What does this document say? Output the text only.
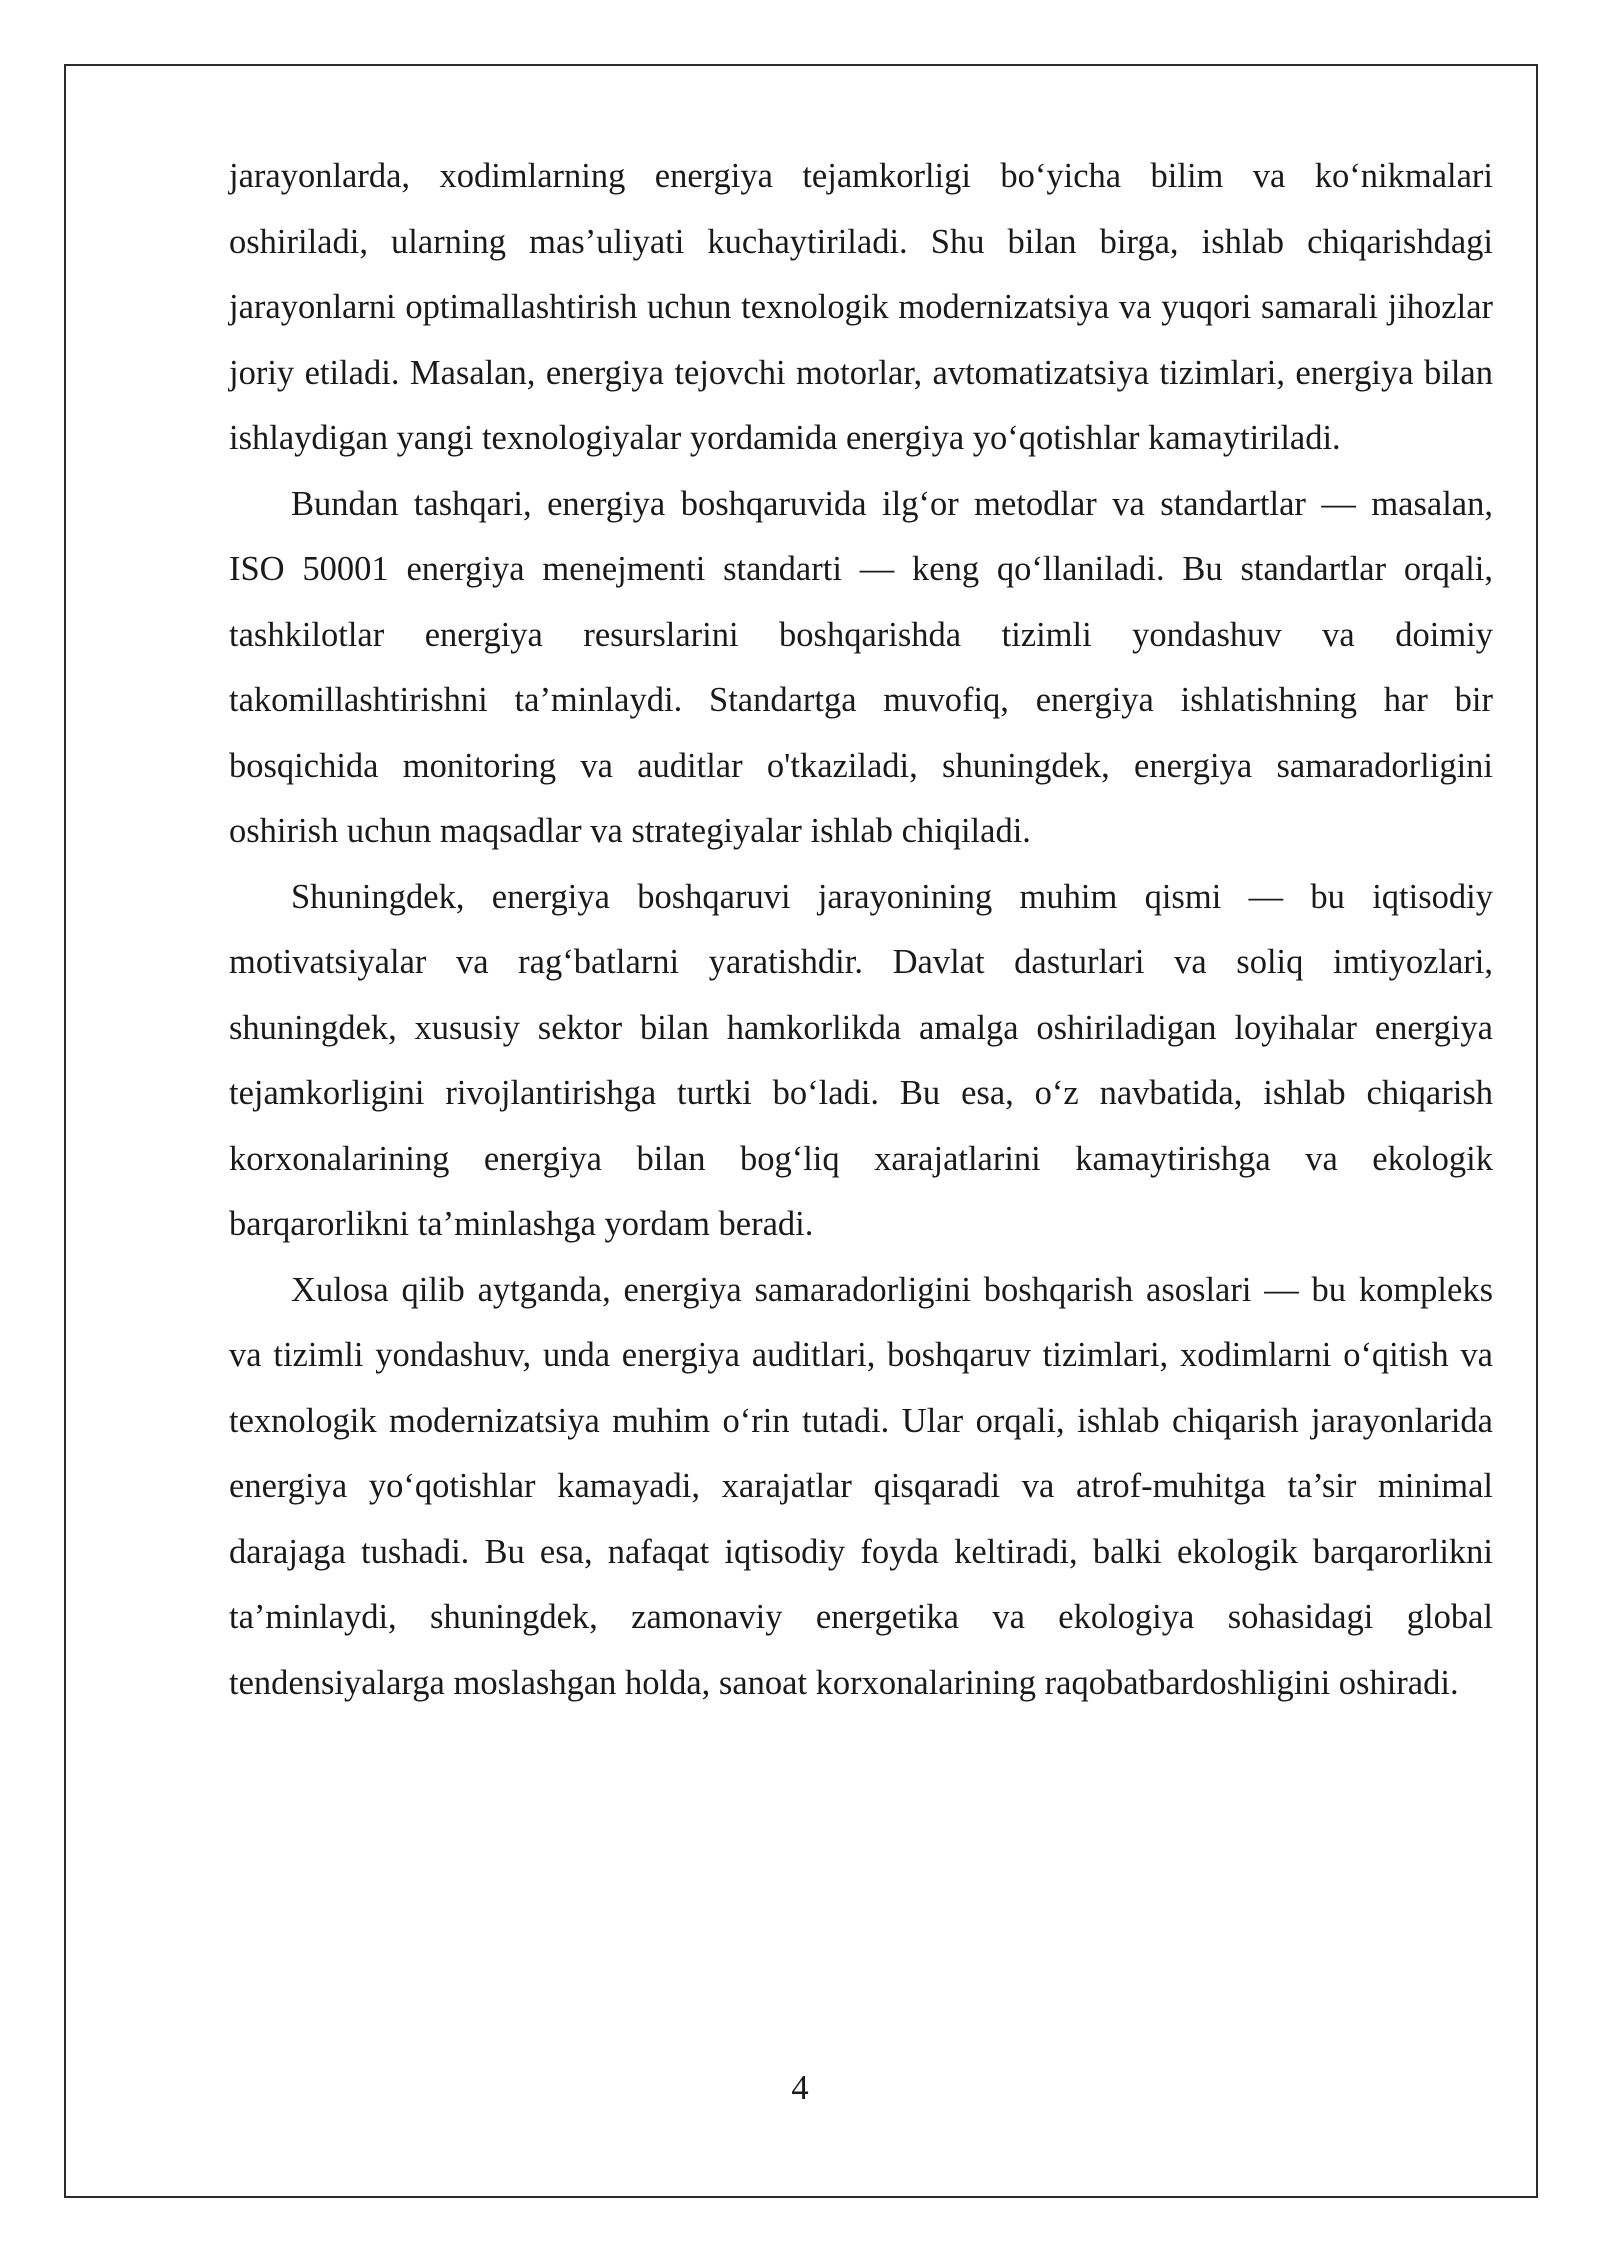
jarayonlarda, xodimlarning energiya tejamkorligi bo‘yicha bilim va ko‘nikmalari oshiriladi, ularning mas’uliyati kuchaytiriladi. Shu bilan birga, ishlab chiqarishdagi jarayonlarni optimallashtirish uchun texnologik modernizatsiya va yuqori samarali jihozlar joriy etiladi. Masalan, energiya tejovchi motorlar, avtomatizatsiya tizimlari, energiya bilan ishlaydigan yangi texnologiyalar yordamida energiya yo‘qotishlar kamaytiriladi.

Bundan tashqari, energiya boshqaruvida ilg‘or metodlar va standartlar — masalan, ISO 50001 energiya menejmenti standarti — keng qo‘llaniladi. Bu standartlar orqali, tashkilotlar energiya resurslarini boshqarishda tizimli yondashuv va doimiy takomillashtirishni ta’minlaydi. Standartga muvofiq, energiya ishlatishning har bir bosqichida monitoring va auditlar o'tkaziladi, shuningdek, energiya samaradorligini oshirish uchun maqsadlar va strategiyalar ishlab chiqiladi.

Shuningdek, energiya boshqaruvi jarayonining muhim qismi — bu iqtisodiy motivatsiyalar va rag‘batlarni yaratishdir. Davlat dasturlari va soliq imtiyozlari, shuningdek, xususiy sektor bilan hamkorlikda amalga oshiriladigan loyihalar energiya tejamkorligini rivojlantirishga turtki bo‘ladi. Bu esa, o‘z navbatida, ishlab chiqarish korxonalarining energiya bilan bog‘liq xarajatlarini kamaytirishga va ekologik barqarorlikni ta’minlashga yordam beradi.

Xulosa qilib aytganda, energiya samaradorligini boshqarish asoslari — bu kompleks va tizimli yondashuv, unda energiya auditlari, boshqaruv tizimlari, xodimlarni o‘qitish va texnologik modernizatsiya muhim o‘rin tutadi. Ular orqali, ishlab chiqarish jarayonlarida energiya yo‘qotishlar kamayadi, xarajatlar qisqaradi va atrof-muhitga ta’sir minimal darajaga tushadi. Bu esa, nafaqat iqtisodiy foyda keltiradi, balki ekologik barqarorlikni ta’minlaydi, shuningdek, zamonaviy energetika va ekologiya sohasidagi global tendensiyalarga moslashgan holda, sanoat korxonalarining raqobatbardoshligini oshiradi.

4
